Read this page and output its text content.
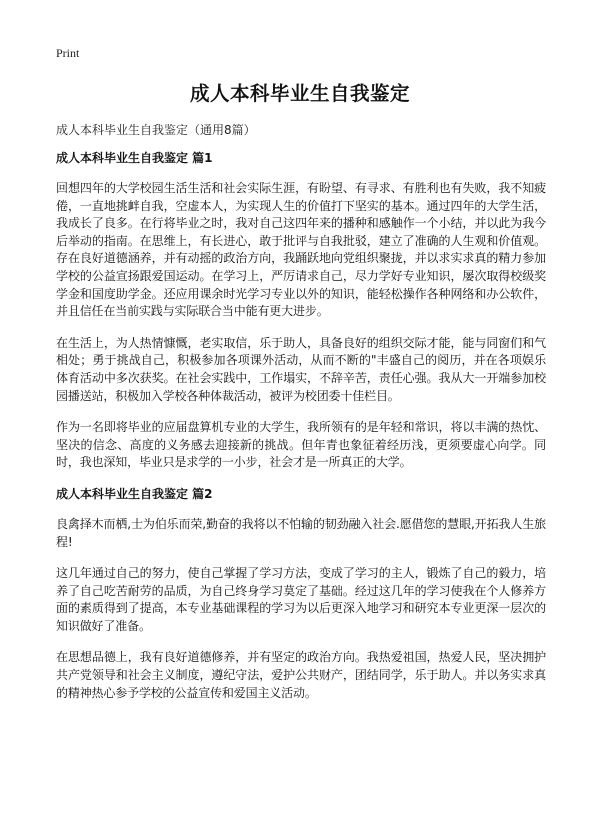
Print
成人本科毕业生自我鉴定
成人本科毕业生自我鉴定（通用8篇）
成人本科毕业生自我鉴定 篇1

回想四年的大学校园生活生活和社会实际生涯，有盼望、有寻求、有胜利也有失败，我不知疲倦，一直地挑衅自我，空虚本人，为实现人生的价值打下坚实的基本。通过四年的大学生活，我成长了良多。在行将毕业之时，我对自己这四年来的播种和感触作一个小结，并以此为我今后举动的指南。在思维上，有长进心，敢于批评与自我批驳，建立了准确的人生观和价值观。存在良好道德涵养，并有动摇的政治方向，我踊跃地向党组织聚拢，并以求实求真的精力参加学校的公益宣扬跟爱国运动。在学习上，严厉请求自己，尽力学好专业知识，屡次取得校级奖学金和国度助学金。还应用课余时光学习专业以外的知识，能轻松操作各种网络和办公软件，并且信任在当前实践与实际联合当中能有更大进步。

在生活上，为人热情慷慨，老实取信，乐于助人，具备良好的组织交际才能，能与同窗们和气相处；勇于挑战自己，积极参加各项课外活动，从而不断的"丰盛自己的阅历，并在各项娱乐体育活动中多次获奖。在社会实践中，工作塌实，不辞辛苦，责任心强。我从大一开端参加校园播送站，积极加入学校各种体裁活动，被评为校团委十佳栏目。

作为一名即将毕业的应届盘算机专业的大学生，我所领有的是年轻和常识，将以丰满的热忱、坚决的信念、高度的义务感去迎接新的挑战。但年青也象征着经历浅，更须要虚心向学。同时，我也深知，毕业只是求学的一小步，社会才是一所真正的大学。

成人本科毕业生自我鉴定 篇2

良禽择木而栖,士为伯乐而荣,勤奋的我将以不怕输的韧劲融入社会.愿借您的慧眼,开拓我人生旅程!

这几年通过自己的努力，使自己掌握了学习方法，变成了学习的主人，锻炼了自己的毅力，培养了自己吃苦耐劳的品质，为自己终身学习莫定了基础。经过这几年的学习使我在个人修养方面的素质得到了提高，本专业基础课程的学习为以后更深入地学习和研究本专业更深一层次的知识做好了准备。

在思想品德上，我有良好道德修养，并有坚定的政治方向。我热爱祖国，热爱人民，坚决拥护共产党领导和社会主义制度，遵纪守法，爱护公共财产，团结同学，乐于助人。并以务实求真的精神热心参予学校的公益宣传和爱国主义活动。
